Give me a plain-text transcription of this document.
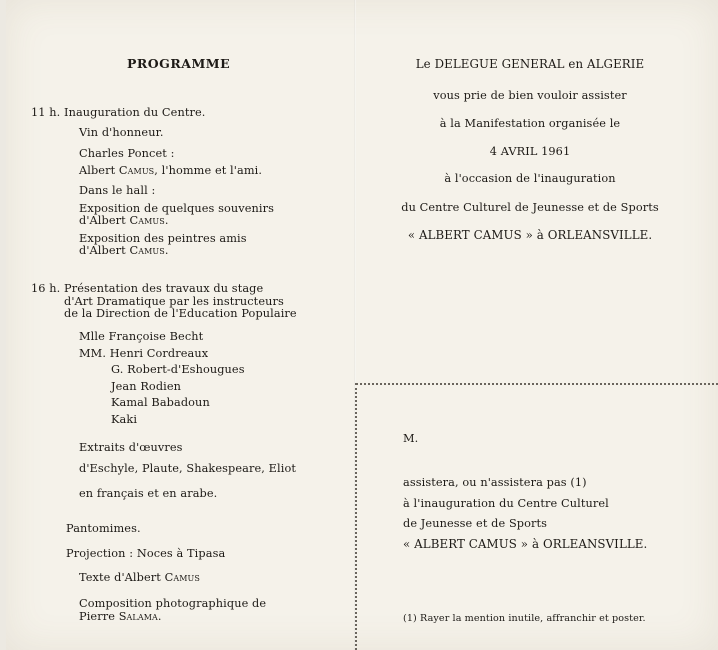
PROGRAMME
11 h. Inauguration du Centre.
Vin d'honneur.
Charles Poncet :
Albert Camus, l'homme et l'ami.
Dans le hall :
Exposition de quelques souvenirs
d'Albert Camus.
Exposition des peintres amis
d'Albert Camus.
16 h. Présentation des travaux du stage
d'Art Dramatique par les instructeurs
de la Direction de l'Education Populaire
Mlle Françoise Becht
MM. Henri Cordreaux
G. Robert-d'Eshougues
Jean Rodien
Kamal Babadoun
Kaki
Extraits d'œuvres
d'Eschyle, Plaute, Shakespeare, Eliot
en français et en arabe.
Pantomimes.
Projection : Noces à Tipasa
Texte d'Albert Camus
Composition photographique de
Pierre Salama.
Le DELEGUE GENERAL en ALGERIE
vous prie de bien vouloir assister
à la Manifestation organisée le
4 AVRIL 1961
à l'occasion de l'inauguration
du Centre Culturel de Jeunesse et de Sports
« ALBERT CAMUS » à ORLEANSVILLE.
M.
assistera, ou n'assistera pas (1)
à l'inauguration du Centre Culturel
de Jeunesse et de Sports
« ALBERT CAMUS » à ORLEANSVILLE.
(1) Rayer la mention inutile, affranchir et poster.
